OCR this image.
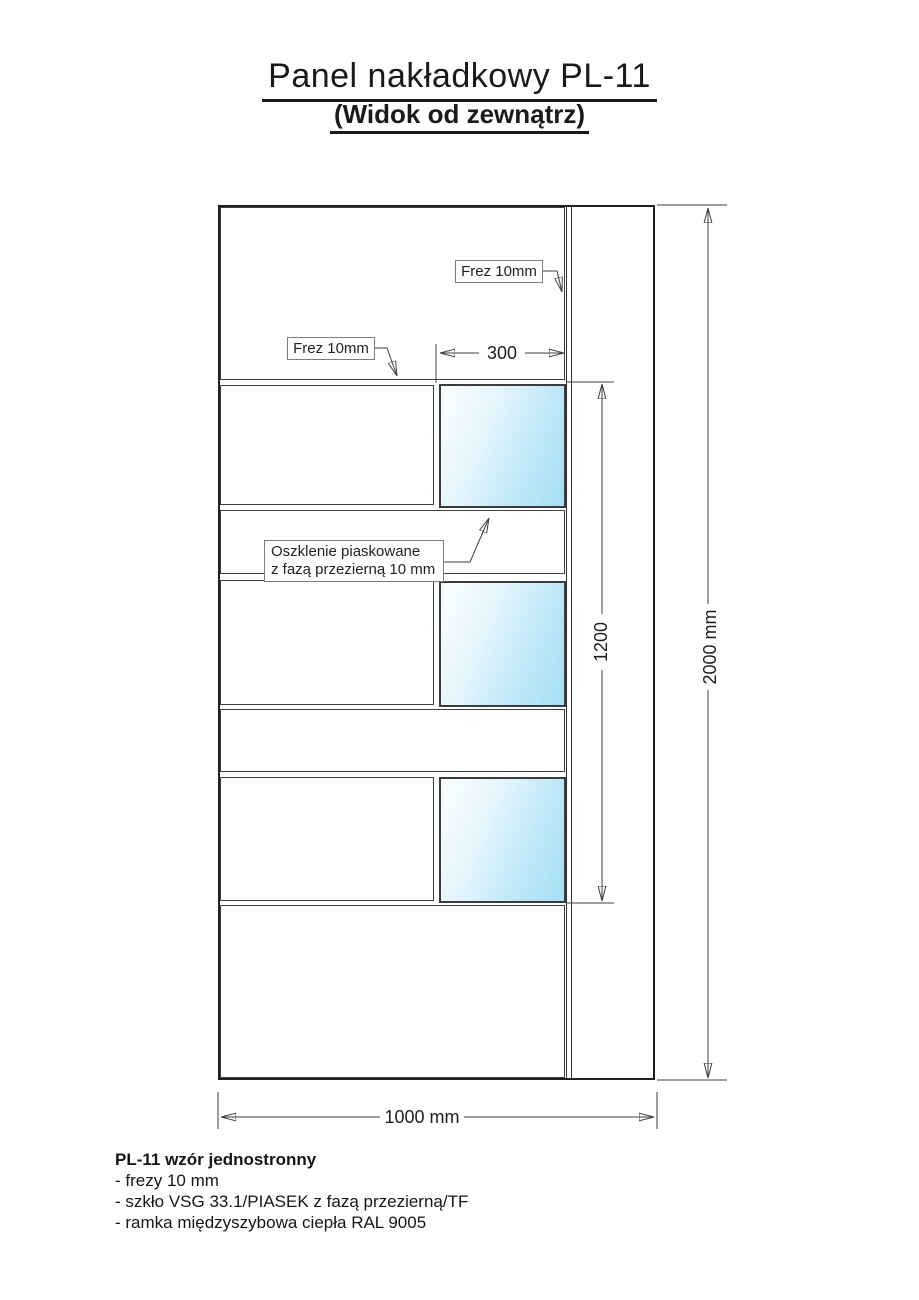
Panel nakładkowy PL-11
(Widok od zewnątrz)
Frez 10mm
Frez 10mm
Oszklenie piaskowane
z fazą przezierną 10 mm
300
1200	2000 mm
1000 mm
PL-11 wzór jednostronny
- frezy 10 mm
- szkło VSG 33.1/PIASEK z fazą przezierną/TF
- ramka międzyszybowa ciepła RAL 9005
